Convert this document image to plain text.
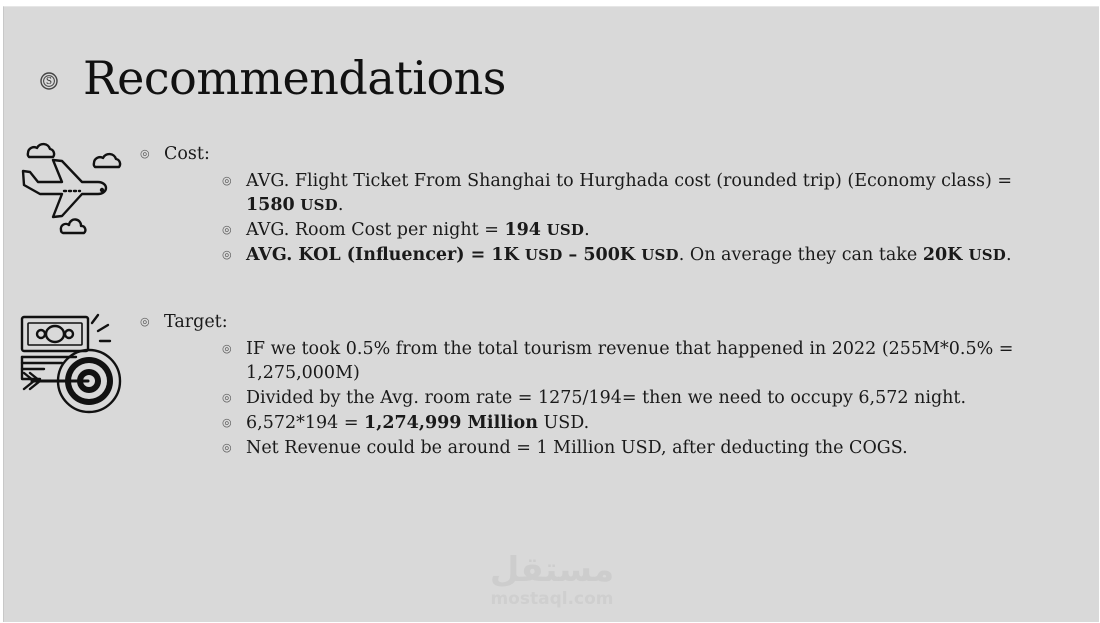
S Recommendations
◎ Cost:
◎ AVG. Flight Ticket From Shanghai to Hurghada cost (rounded trip) (Economy class) =
1580 USD.
◎ AVG. Room Cost per night = 194 USD.
◎ AVG. KOL (Influencer) = 1K USD – 500K USD. On average they can take 20K USD.
◎ Target:
◎ IF we took 0.5% from the total tourism revenue that happened in 2022 (255M*0.5% = 1,275,000M)
◎ Divided by the Avg. room rate = 1275/194= then we need to occupy 6,572 night.
◎ 6,572*194 = 1,274,999 Million USD.
◎ Net Revenue could be around = 1 Million USD, after deducting the COGS.
مستقل
mostaql.com
